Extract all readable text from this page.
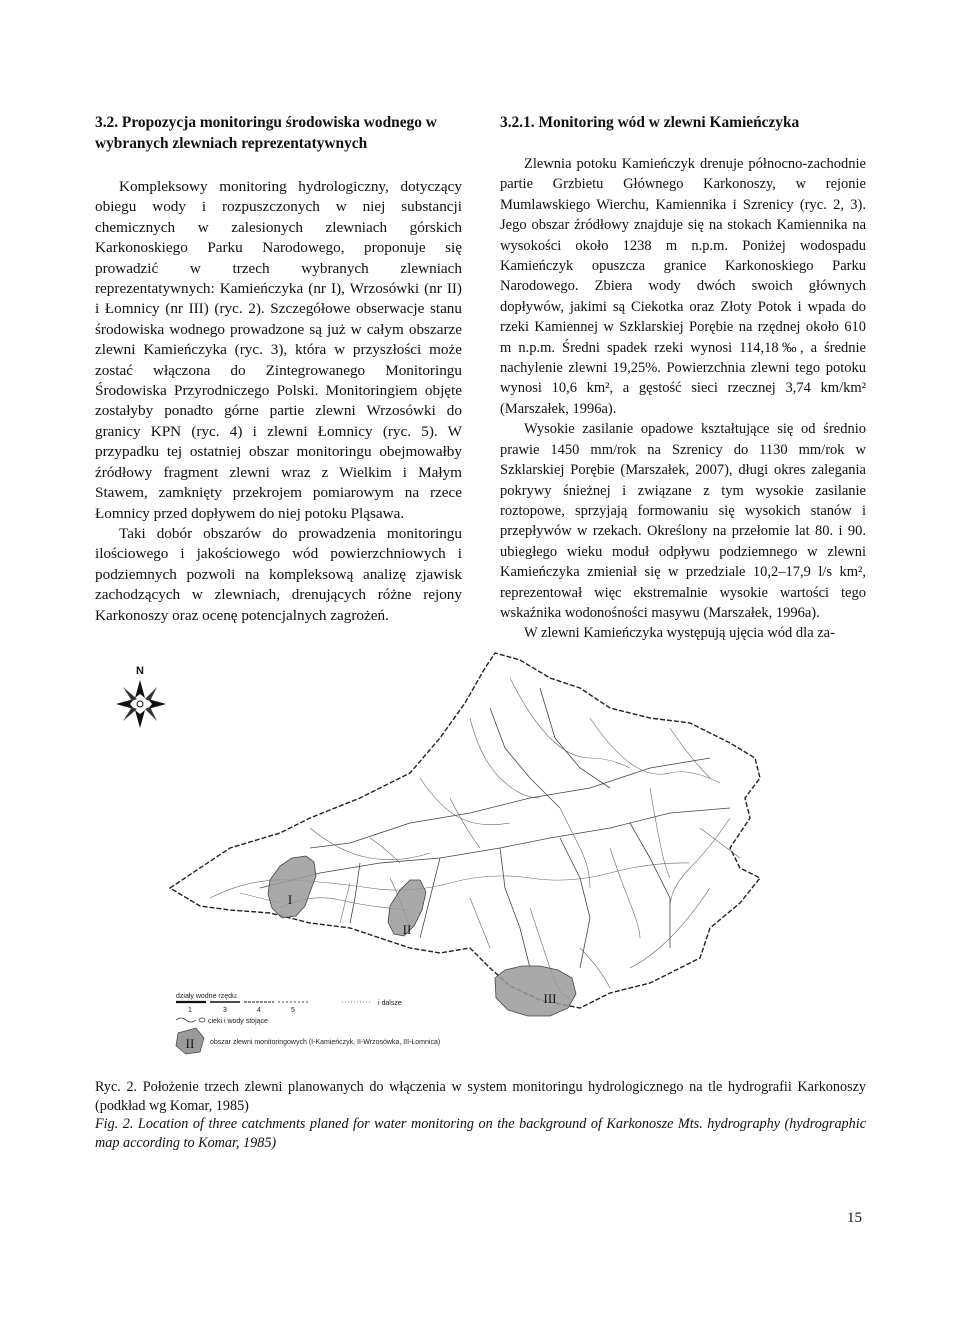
3.2. Propozycja monitoringu środowiska wodnego w wybranych zlewniach reprezentatywnych

Kompleksowy monitoring hydrologiczny, dotyczący obiegu wody i rozpuszczonych w niej substancji chemicznych w zalesionych zlewniach górskich Karkonoskiego Parku Narodowego, proponuje się prowadzić w trzech wybranych zlewniach reprezentatywnych: Kamieńczyka (nr I), Wrzosówki (nr II) i Łomnicy (nr III) (ryc. 2). Szczegółowe obserwacje stanu środowiska wodnego prowadzone są już w całym obszarze zlewni Kamieńczyka (ryc. 3), która w przyszłości może zostać włączona do Zintegrowanego Monitoringu Środowiska Przyrodniczego Polski. Monitoringiem objęte zostałyby ponadto górne partie zlewni Wrzosówki do granicy KPN (ryc. 4) i zlewni Łomnicy (ryc. 5). W przypadku tej ostatniej obszar monitoringu obejmowałby źródłowy fragment zlewni wraz z Wielkim i Małym Stawem, zamknięty przekrojem pomiarowym na rzece Łomnicy przed dopływem do niej potoku Pląsawa.

Taki dobór obszarów do prowadzenia monitoringu ilościowego i jakościowego wód powierzchniowych i podziemnych pozwoli na kompleksową analizę zjawisk zachodzących w zlewniach, drenujących różne rejony Karkonoszy oraz ocenę potencjalnych zagrożeń.

3.2.1. Monitoring wód w zlewni Kamieńczyka

Zlewnia potoku Kamieńczyk drenuje północno-zachodnie partie Grzbietu Głównego Karkonoszy, w rejonie Mumlawskiego Wierchu, Kamiennika i Szrenicy (ryc. 2, 3). Jego obszar źródłowy znajduje się na stokach Kamiennika na wysokości około 1238 m n.p.m. Poniżej wodospadu Kamieńczyk opuszcza granice Karkonoskiego Parku Narodowego. Zbiera wody dwóch swoich głównych dopływów, jakimi są Ciekotka oraz Złoty Potok i wpada do rzeki Kamiennej w Szklarskiej Porębie na rzędnej około 610 m n.p.m. Średni spadek rzeki wynosi 114,18‰, a średnie nachylenie zlewni 19,25%. Powierzchnia zlewni tego potoku wynosi 10,6 km², a gęstość sieci rzecznej 3,74 km/km² (Marszałek, 1996a).

Wysokie zasilanie opadowe kształtujące się od średnio prawie 1450 mm/rok na Szrenicy do 1130 mm/rok w Szklarskiej Porębie (Marszałek, 2007), długi okres zalegania pokrywy śnieżnej i związane z tym wysokie zasilanie roztopowe, sprzyjają formowaniu się wysokich stanów i przepływów w rzekach. Określony na przełomie lat 80. i 90. ubiegłego wieku moduł odpływu podziemnego w zlewni Kamieńczyka zmieniał się w przedziale 10,2–17,9 l/s km², reprezentował więc ekstremalnie wysokie wartości tego wskaźnika wodonośności masywu (Marszałek, 1996a).

W zlewni Kamieńczyka występują ujęcia wód dla za-

N
I
II
III
działy wodne rzędu:
1	3	4	5
i dalsze
cieki i wody stojące
II obszar zlewni monitoringowych (I-Kamieńczyk, II-Wrzosówka, III-Łomnica)

Ryc. 2. Położenie trzech zlewni planowanych do włączenia w system monitoringu hydrologicznego na tle hydrografii Karkonoszy (podkład wg Komar, 1985)

Fig. 2. Location of three catchments planed for water monitoring on the background of Karkonosze Mts. hydrography (hydrographic map according to Komar, 1985)

15
